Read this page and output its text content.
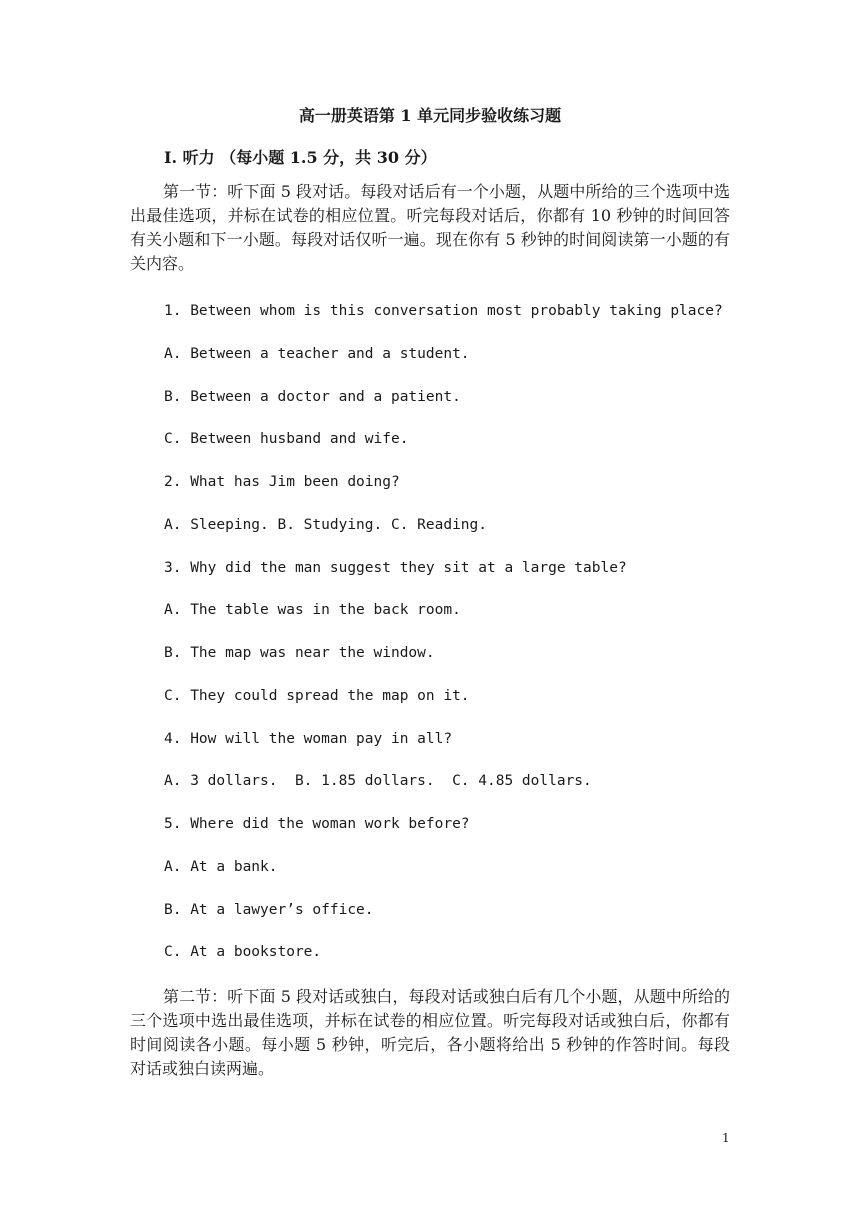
高一册英语第 1 单元同步验收练习题
I. 听力 （每小题 1.5 分，共 30 分）
第一节：听下面 5 段对话。每段对话后有一个小题，从题中所给的三个选项中选出最佳选项，并标在试卷的相应位置。听完每段对话后，你都有 10 秒钟的时间回答有关小题和下一小题。每段对话仅听一遍。现在你有 5 秒钟的时间阅读第一小题的有关内容。
1. Between whom is this conversation most probably taking place?
A. Between a teacher and a student.
B. Between a doctor and a patient.
C. Between husband and wife.
2. What has Jim been doing?
A. Sleeping. B. Studying. C. Reading.
3. Why did the man suggest they sit at a large table?
A. The table was in the back room.
B. The map was near the window.
C. They could spread the map on it.
4. How will the woman pay in all?
A. 3 dollars.  B. 1.85 dollars.  C. 4.85 dollars.
5. Where did the woman work before?
A. At a bank.
B. At a lawyer’s office.
C. At a bookstore.
第二节：听下面 5 段对话或独白，每段对话或独白后有几个小题，从题中所给的三个选项中选出最佳选项，并标在试卷的相应位置。听完每段对话或独白后，你都有时间阅读各小题。每小题 5 秒钟，听完后，各小题将给出 5 秒钟的作答时间。每段对话或独白读两遍。
1
